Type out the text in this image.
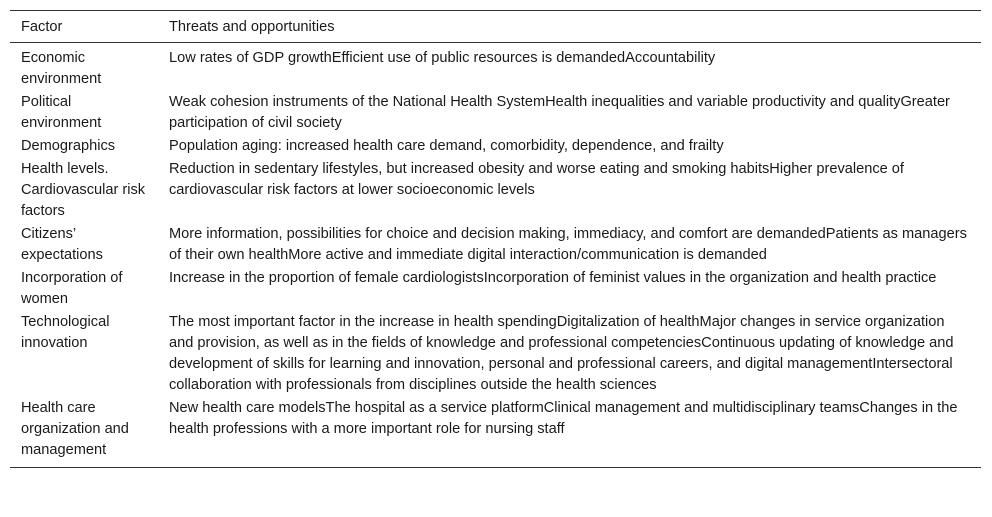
Factor	Threats and opportunities
Economic environment	Low rates of GDP growthEfficient use of public resources is demandedAccountability
Political environment	Weak cohesion instruments of the National Health SystemHealth inequalities and variable productivity and qualityGreater participation of civil society
Demographics	Population aging: increased health care demand, comorbidity, dependence, and frailty
Health levels. Cardiovascular risk factors	Reduction in sedentary lifestyles, but increased obesity and worse eating and smoking habitsHigher prevalence of cardiovascular risk factors at lower socioeconomic levels
Citizens’ expectations	More information, possibilities for choice and decision making, immediacy, and comfort are demandedPatients as managers of their own healthMore active and immediate digital interaction/communication is demanded
Incorporation of women	Increase in the proportion of female cardiologistsIncorporation of feminist values in the organization and health practice
Technological innovation	The most important factor in the increase in health spendingDigitalization of healthMajor changes in service organization and provision, as well as in the fields of knowledge and professional competenciesContinuous updating of knowledge and development of skills for learning and innovation, personal and professional careers, and digital managementIntersectoral collaboration with professionals from disciplines outside the health sciences
Health care organization and management	New health care modelsThe hospital as a service platformClinical management and multidisciplinary teamsChanges in the health professions with a more important role for nursing staff
